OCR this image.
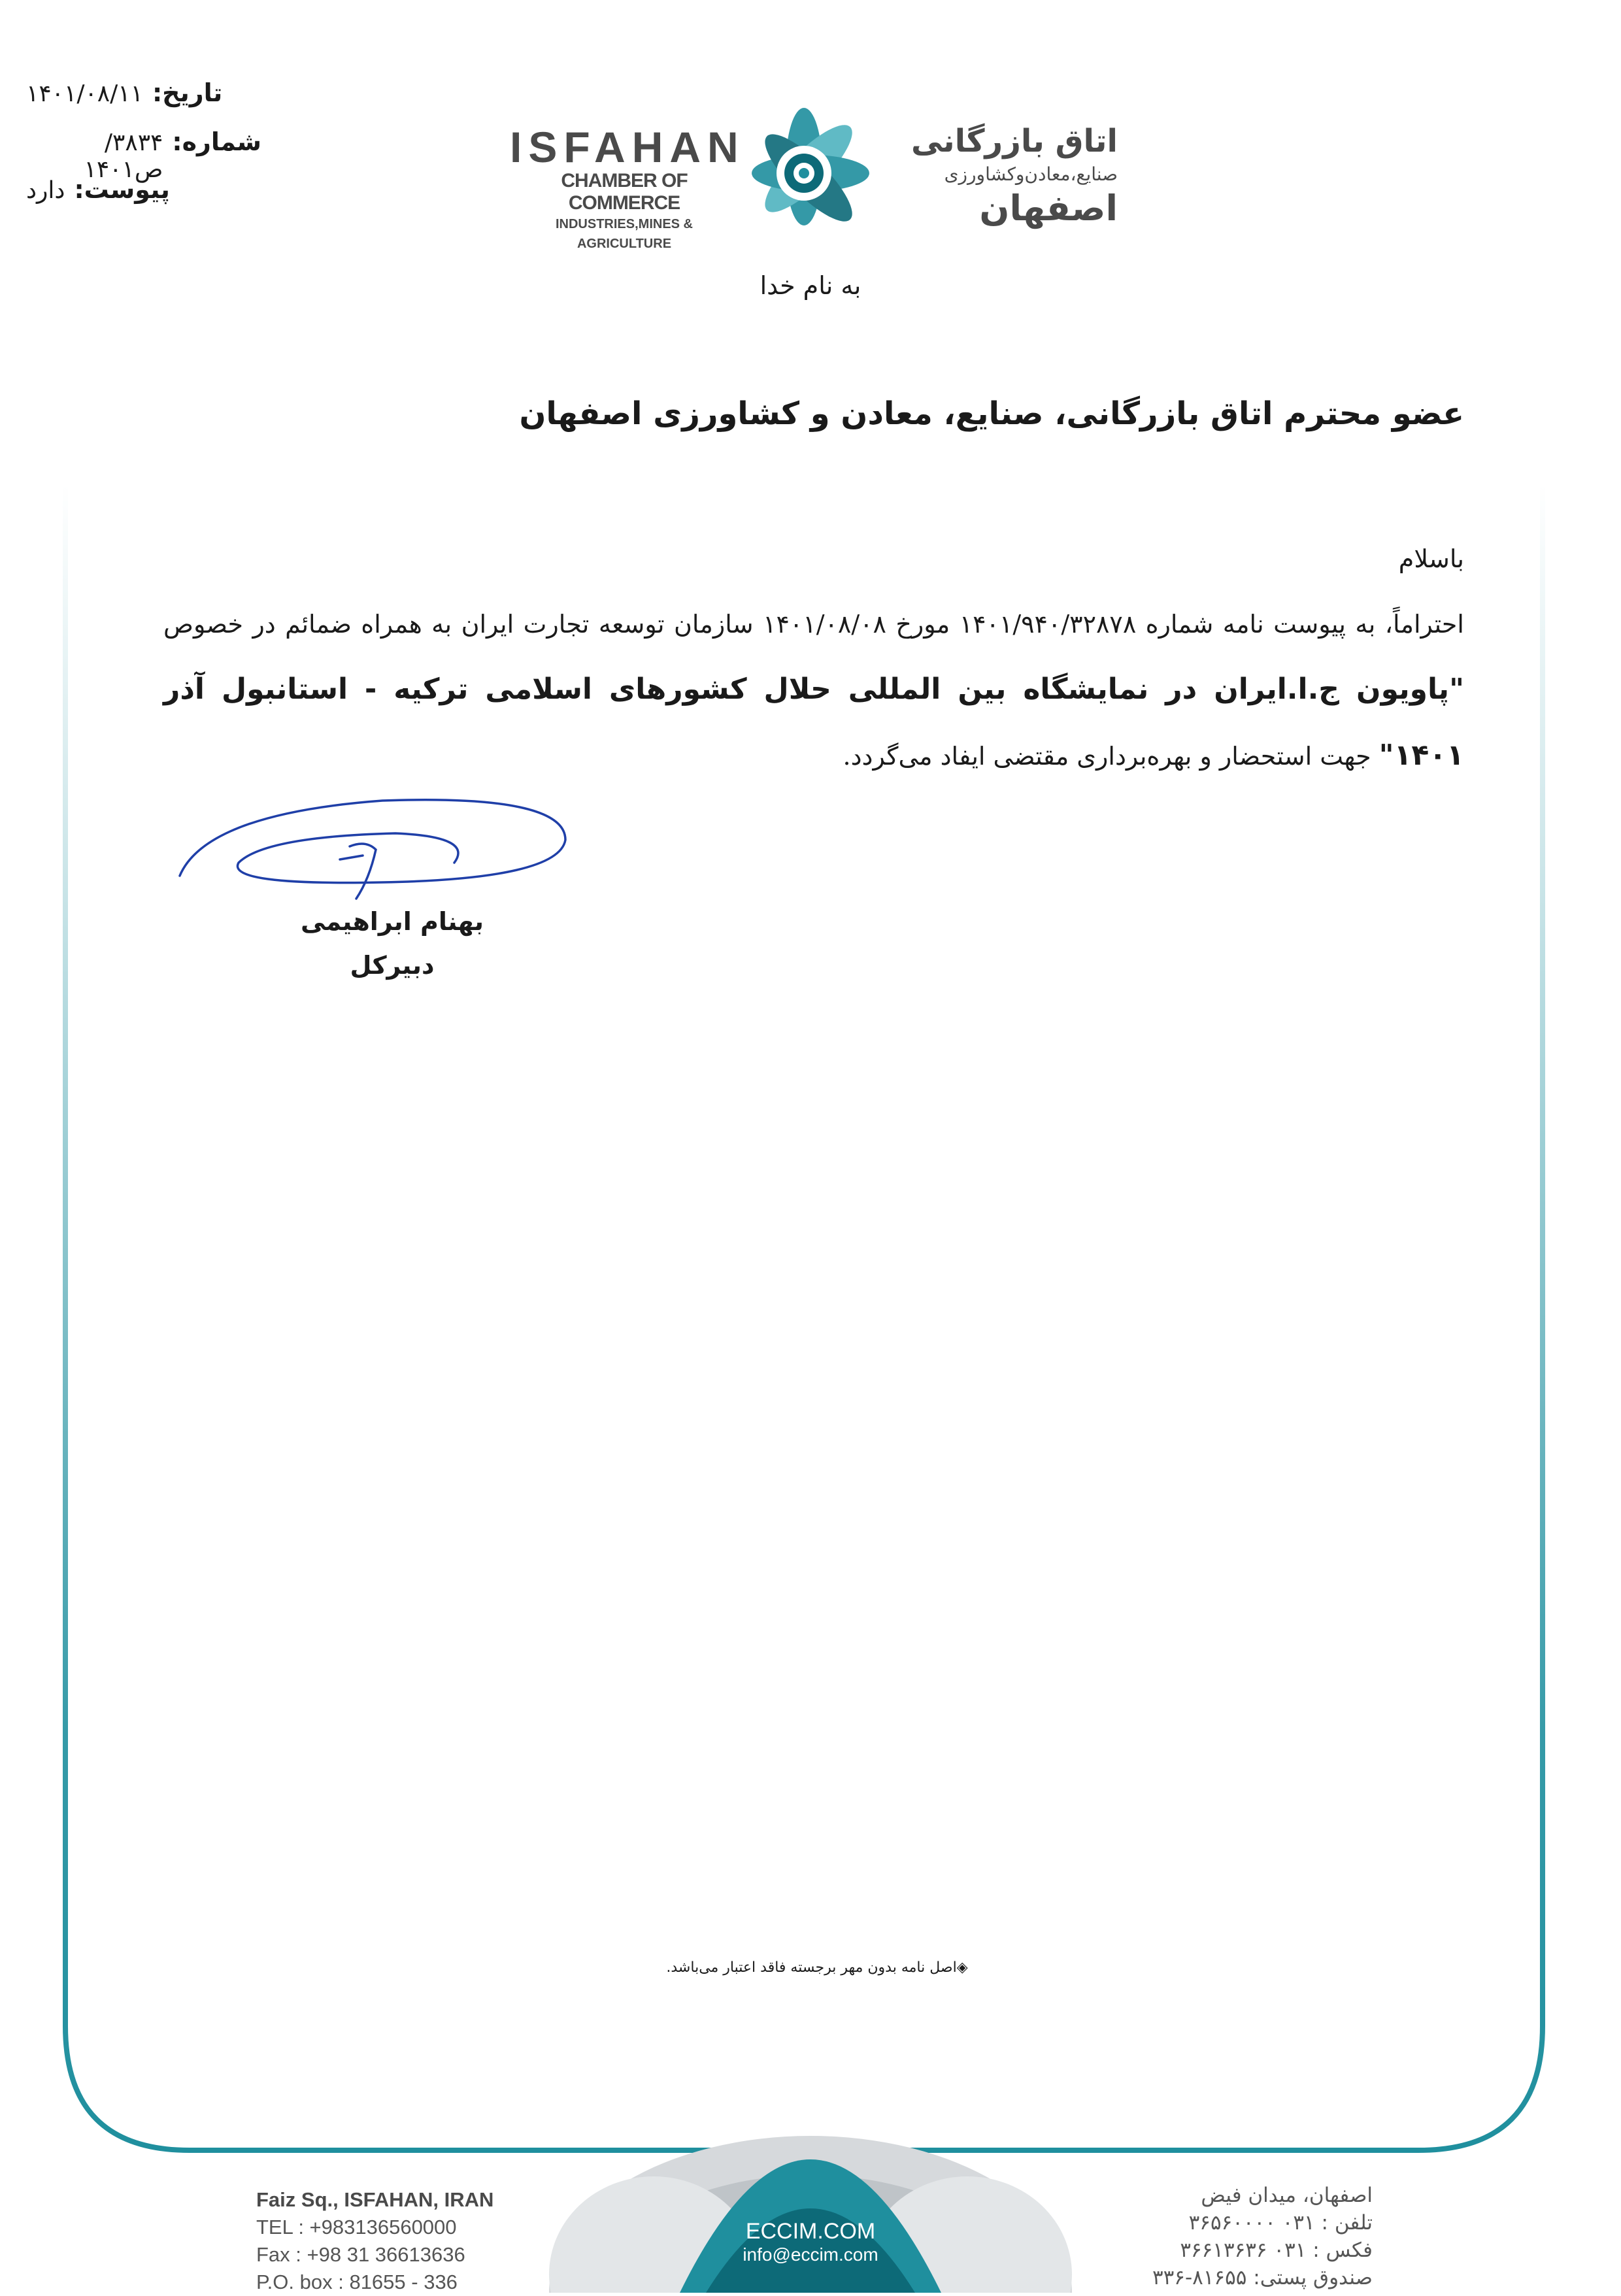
تاریخ:
۱۴۰۱/۰۸/۱۱
شماره:
۳۸۳۴/ص۱۴۰۱
پیوست:
دارد
ISFAHAN
CHAMBER OF COMMERCE
INDUSTRIES,MINES & AGRICULTURE
اتاق بازرگانی
صنایع،معادن‌وکشاورزی
اصفهان
به نام خدا
عضو محترم اتاق بازرگانی، صنایع، معادن و کشاورزی اصفهان

باسلام

احتراماً، به پیوست نامه شماره ۱۴۰۱/۹۴۰/۳۲۸۷۸ مورخ ۱۴۰۱/۰۸/۰۸ سازمان توسعه تجارت ایران به همراه ضمائم در خصوص "پاویون ج.ا.ایران در نمایشگاه بین المللی حلال کشورهای اسلامی ترکیه - استانبول آذر ۱۴۰۱" جهت استحضار و بهره‌برداری مقتضی ایفاد می‌گردد.

بهنام ابراهیمی
دبیرکل
◈اصل نامه بدون مهر برجسته فاقد اعتبار می‌باشد.
Faiz Sq., ISFAHAN, IRAN
TEL : +983136560000
Fax : +98 31 36613636
P.O. box : 81655 - 336
ECCIM.COM
info@eccim.com
اصفهان، میدان فیض
تلفن : ۰۳۱ ۳۶۵۶۰۰۰۰
فکس : ۰۳۱ ۳۶۶۱۳۶۳۶
صندوق پستی: ۸۱۶۵۵-۳۳۶
